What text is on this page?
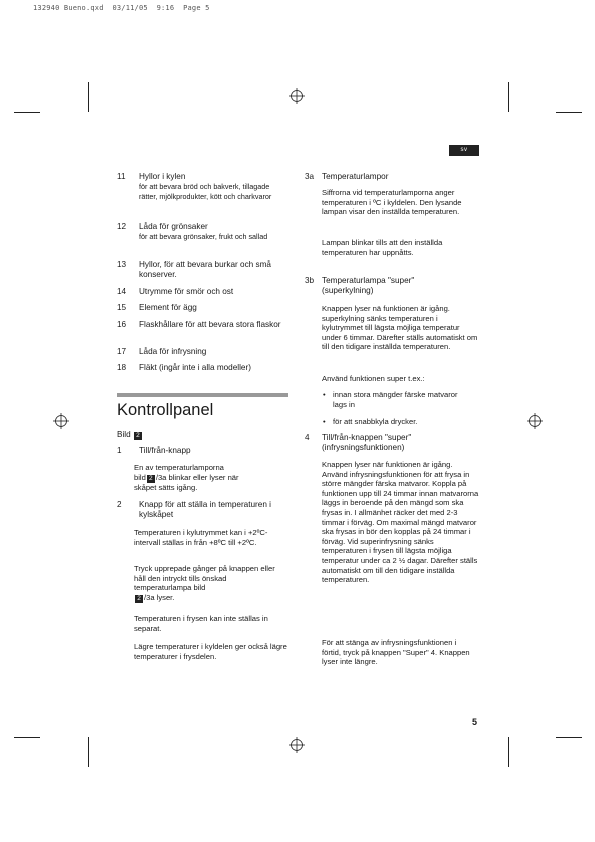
132940 Bueno.qxd  03/11/05  9:16  Page 5
sv
11 Hyllor i kylen
för att bevara bröd och bakverk, tillagade rätter, mjölkprodukter, kött och charkvaror
12 Låda för grönsaker
för att bevara grönsaker, frukt och sallad
13 Hyllor, för att bevara burkar och små konserver.
14 Utrymme för smör och ost
15 Element för ägg
16 Flaskhållare för att bevara stora flaskor
17 Låda för infrysning
18 Fläkt (ingår inte i alla modeller)
Kontrollpanel
Bild 2
1 Till/från-knapp
En av temperaturlamporna
bild 2 /3a blinkar eller lyser när
skåpet sätts igång.
2 Knapp för att ställa in temperaturen i kylskåpet
Temperaturen i kylutrymmet kan i +2ºC-intervall ställas in från +8ºC till +2ºC.
Tryck upprepade gånger på knappen eller håll den intryckt tills önskad temperaturlampa bild
2 /3a lyser.
Temperaturen i frysen kan inte ställas in separat.
Lägre temperaturer i kyldelen ger också lägre temperaturer i frysdelen.
3a Temperaturlampor
Siffrorna vid temperaturlamporna anger temperaturen i ºC i kyldelen. Den lysande lampan visar den inställda temperaturen.
Lampan blinkar tills att den inställda temperaturen har uppnåtts.
3b Temperaturlampa "super" (superkylning)
Knappen lyser nä funktionen är igång. superkylning sänks temperaturen i kylutrymmet till lägsta möjliga temperatur under 6 timmar. Därefter ställs automatiskt om till den tidigare inställda temperaturen.
Använd funktionen super t.ex.:
• innan stora mängder färske matvaror lags in
• för att snabbkyla drycker.
4 Till/från-knappen "super" (infrysningsfunktionen)
Knappen lyser när funktionen är igång. Använd infrysningsfunktionen för att frysa in större mängder färska matvaror. Koppla på funktionen upp till 24 timmar innan matvarorna läggs in beroende på den mängd som ska frysas in. I allmänhet räcker det med 2-3 timmar i förväg. Om maximal mängd matvaror ska frysas in bör den kopplas på 24 timmar i förväg. Vid superinfrysning sänks temperaturen i frysen till lägsta möjliga temperatur under ca 2 ½ dagar. Därefter ställs automatiskt om till den tidigare inställda temperaturen.
För att stänga av infrysningsfunktionen i förtid, tryck på knappen "Super" 4. Knappen lyser inte längre.
5
